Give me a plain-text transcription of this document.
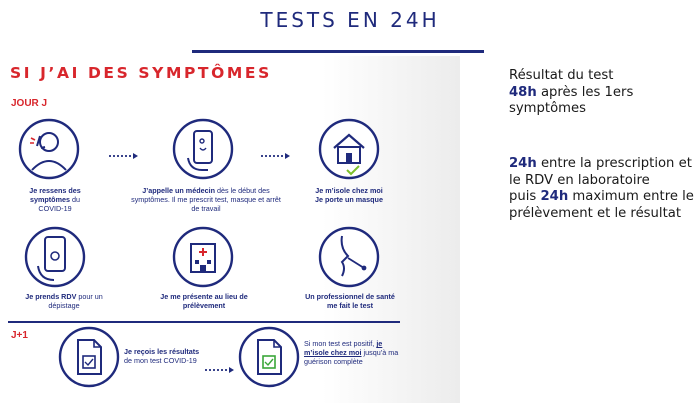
TESTS EN 24H
SI J’AI DES SYMPTÔMES
JOUR J
Je ressens des symptômes du COVID-19
J’appelle un médecin dès le début des symptômes. Il me prescrit test, masque et arrêt de travail
Je m’isole chez moi
Je porte un masque
Je prends RDV pour un dépistage
Je me présente au lieu de prélèvement
Un professionnel de santé me fait le test
J+1
Je reçois les résultats de mon test COVID-19
Si mon test est positif, je m’isole chez moi jusqu’à ma guérison complète

Résultat du test
48h après les 1ers symptômes

24h entre la prescription et le RDV en laboratoire

puis 24h maximum entre le prélèvement et le résultat
